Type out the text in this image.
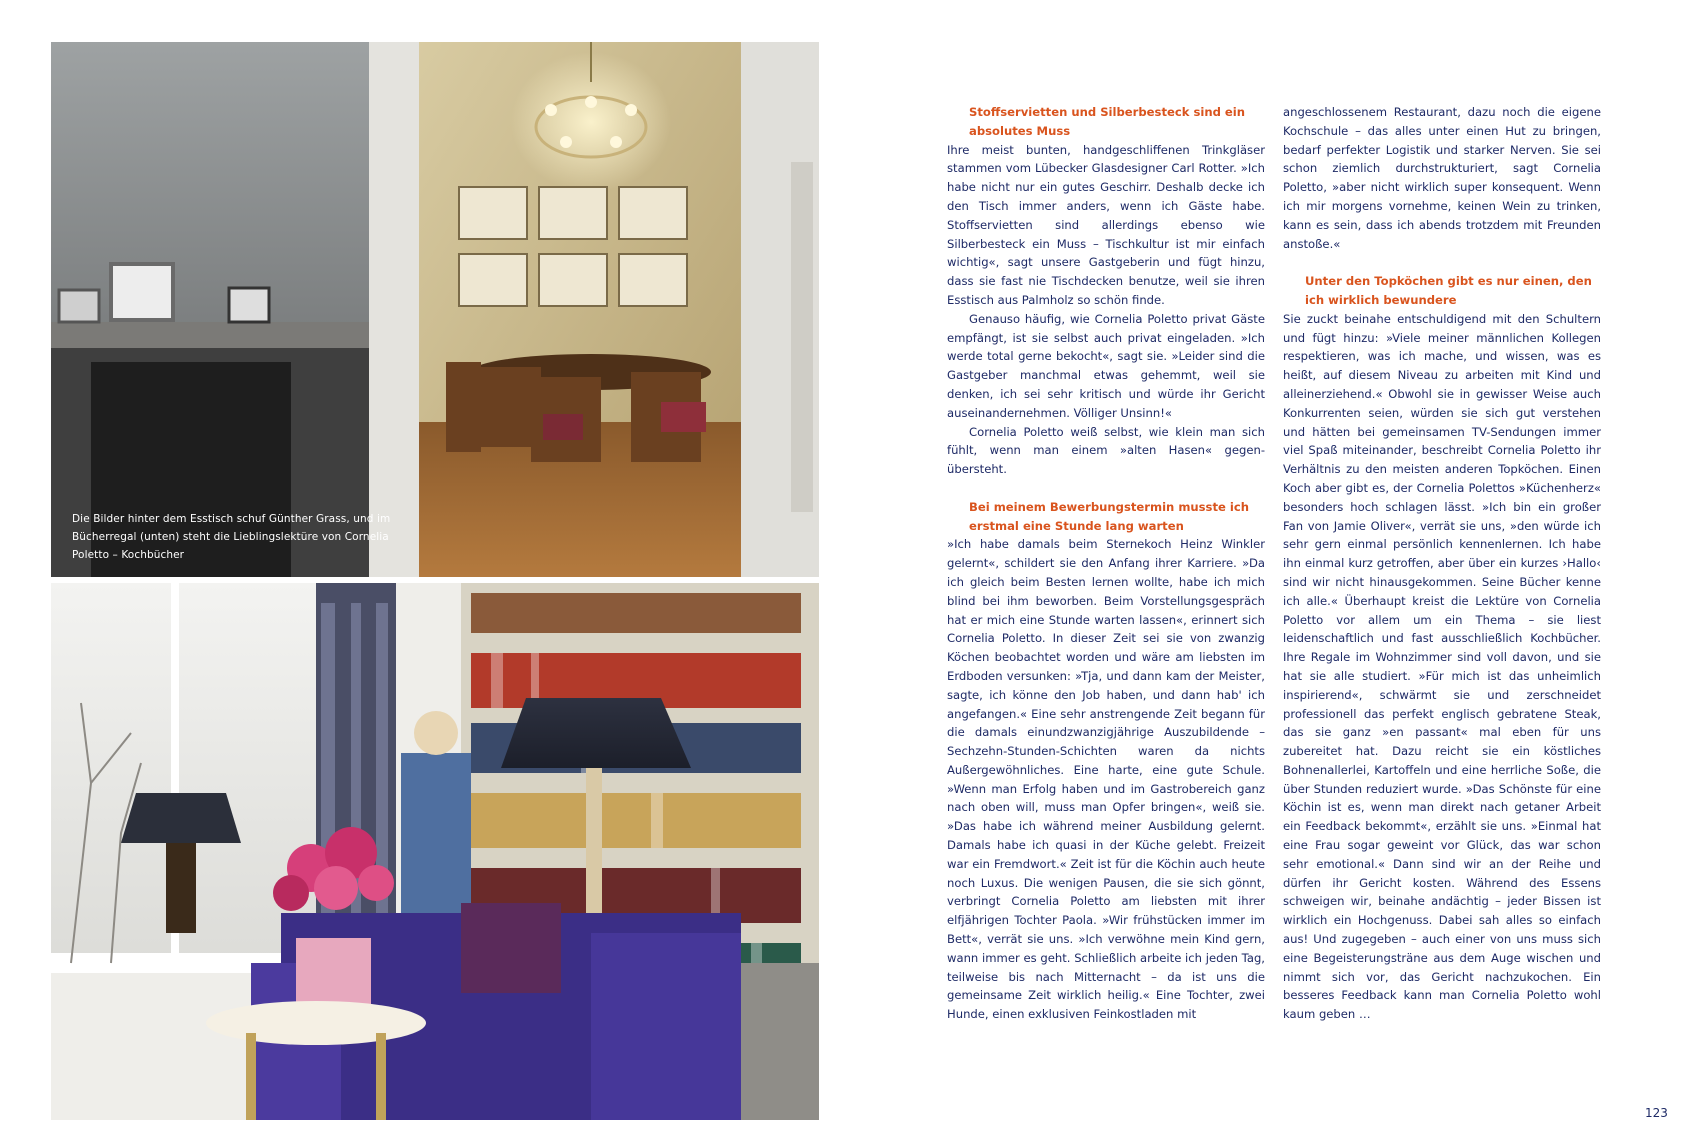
Die Bilder hinter dem Esstisch schuf Günther Grass, und im Bücherregal (unten) steht die Lieblingslektüre von Cornelia Poletto – Kochbücher

Stoffservietten und Silberbesteck sind ein absolutes Muss

Ihre meist bunten, handgeschliffenen Trinkgläser stammen vom Lübecker Glasdesigner Carl Rotter. »Ich habe nicht nur ein gutes Geschirr. Deshalb decke ich den Tisch immer anders, wenn ich Gäste habe. Stoffservietten sind allerdings ebenso wie Silberbesteck ein Muss – Tischkultur ist mir einfach wichtig«, sagt unsere Gastgeberin und fügt hinzu, dass sie fast nie Tischdecken benutze, weil sie ihren Esstisch aus Palmholz so schön finde.

Genauso häufig, wie Cornelia Poletto privat Gäste empfängt, ist sie selbst auch privat eingeladen. »Ich werde total gerne bekocht«, sagt sie. »Leider sind die Gastgeber manchmal etwas gehemmt, weil sie denken, ich sei sehr kritisch und würde ihr Gericht auseinandernehmen. Völliger Unsinn!«

Cornelia Poletto weiß selbst, wie klein man sich fühlt, wenn man einem »alten Hasen« gegenübersteht.

Bei meinem Bewerbungstermin musste ich erstmal eine Stunde lang warten

»Ich habe damals beim Sternekoch Heinz Winkler gelernt«, schildert sie den Anfang ihrer Karriere. »Da ich gleich beim Besten lernen wollte, habe ich mich blind bei ihm beworben. Beim Vorstellungsgespräch hat er mich eine Stunde warten lassen«, erinnert sich Cornelia Poletto. In dieser Zeit sei sie von zwanzig Köchen beobachtet worden und wäre am liebsten im Erdboden versunken: »Tja, und dann kam der Meister, sagte, ich könne den Job haben, und dann hab' ich angefangen.« Eine sehr anstrengende Zeit begann für die damals einundzwanzigjährige Auszubildende – Sechzehn-Stunden-Schichten waren da nichts Außergewöhnliches. Eine harte, eine gute Schule. »Wenn man Erfolg haben und im Gastrobereich ganz nach oben will, muss man Opfer bringen«, weiß sie. »Das habe ich während meiner Ausbildung gelernt. Damals habe ich quasi in der Küche gelebt. Freizeit war ein Fremdwort.« Zeit ist für die Köchin auch heute noch Luxus. Die wenigen Pausen, die sie sich gönnt, verbringt Cornelia Poletto am liebsten mit ihrer elfjährigen Tochter Paola. »Wir frühstücken immer im Bett«, verrät sie uns. »Ich verwöhne mein Kind gern, wann immer es geht. Schließlich arbeite ich jeden Tag, teilweise bis nach Mitternacht – da ist uns die gemeinsame Zeit wirklich heilig.« Eine Tochter, zwei Hunde, einen exklusiven Feinkostladen mit

angeschlossenem Restaurant, dazu noch die eigene Kochschule – das alles unter einen Hut zu bringen, bedarf perfekter Logistik und starker Nerven. Sie sei schon ziemlich durchstrukturiert, sagt Cornelia Poletto, »aber nicht wirklich super konsequent. Wenn ich mir morgens vornehme, keinen Wein zu trinken, kann es sein, dass ich abends trotzdem mit Freunden anstoße.«

Unter den Topköchen gibt es nur einen, den ich wirklich bewundere

Sie zuckt beinahe entschuldigend mit den Schultern und fügt hinzu: »Viele meiner männlichen Kollegen respektieren, was ich mache, und wissen, was es heißt, auf diesem Niveau zu arbeiten mit Kind und alleinerziehend.« Obwohl sie in gewisser Weise auch Konkurrenten seien, würden sie sich gut verstehen und hätten bei gemeinsamen TV-Sendungen immer viel Spaß miteinander, beschreibt Cornelia Poletto ihr Verhältnis zu den meisten anderen Topköchen. Einen Koch aber gibt es, der Cornelia Polettos »Küchenherz« besonders hoch schlagen lässt. »Ich bin ein großer Fan von Jamie Oliver«, verrät sie uns, »den würde ich sehr gern einmal persönlich kennenlernen. Ich habe ihn einmal kurz getroffen, aber über ein kurzes ›Hallo‹ sind wir nicht hinausgekommen. Seine Bücher kenne ich alle.« Überhaupt kreist die Lektüre von Cornelia Poletto vor allem um ein Thema – sie liest leidenschaftlich und fast ausschließlich Kochbücher. Ihre Regale im Wohnzimmer sind voll davon, und sie hat sie alle studiert. »Für mich ist das unheimlich inspirierend«, schwärmt sie und zerschneidet professionell das perfekt englisch gebratene Steak, das sie ganz »en passant« mal eben für uns zubereitet hat. Dazu reicht sie ein köstliches Bohnenallerlei, Kartoffeln und eine herrliche Soße, die über Stunden reduziert wurde. »Das Schönste für eine Köchin ist es, wenn man direkt nach getaner Arbeit ein Feedback bekommt«, erzählt sie uns. »Einmal hat eine Frau sogar geweint vor Glück, das war schon sehr emotional.« Dann sind wir an der Reihe und dürfen ihr Gericht kosten. Während des Essens schweigen wir, beinahe andächtig – jeder Bissen ist wirklich ein Hochgenuss. Dabei sah alles so einfach aus! Und zugegeben – auch einer von uns muss sich eine Begeisterungsträne aus dem Auge wischen und nimmt sich vor, das Gericht nachzukochen. Ein besseres Feedback kann man Cornelia Poletto wohl kaum geben …

123
